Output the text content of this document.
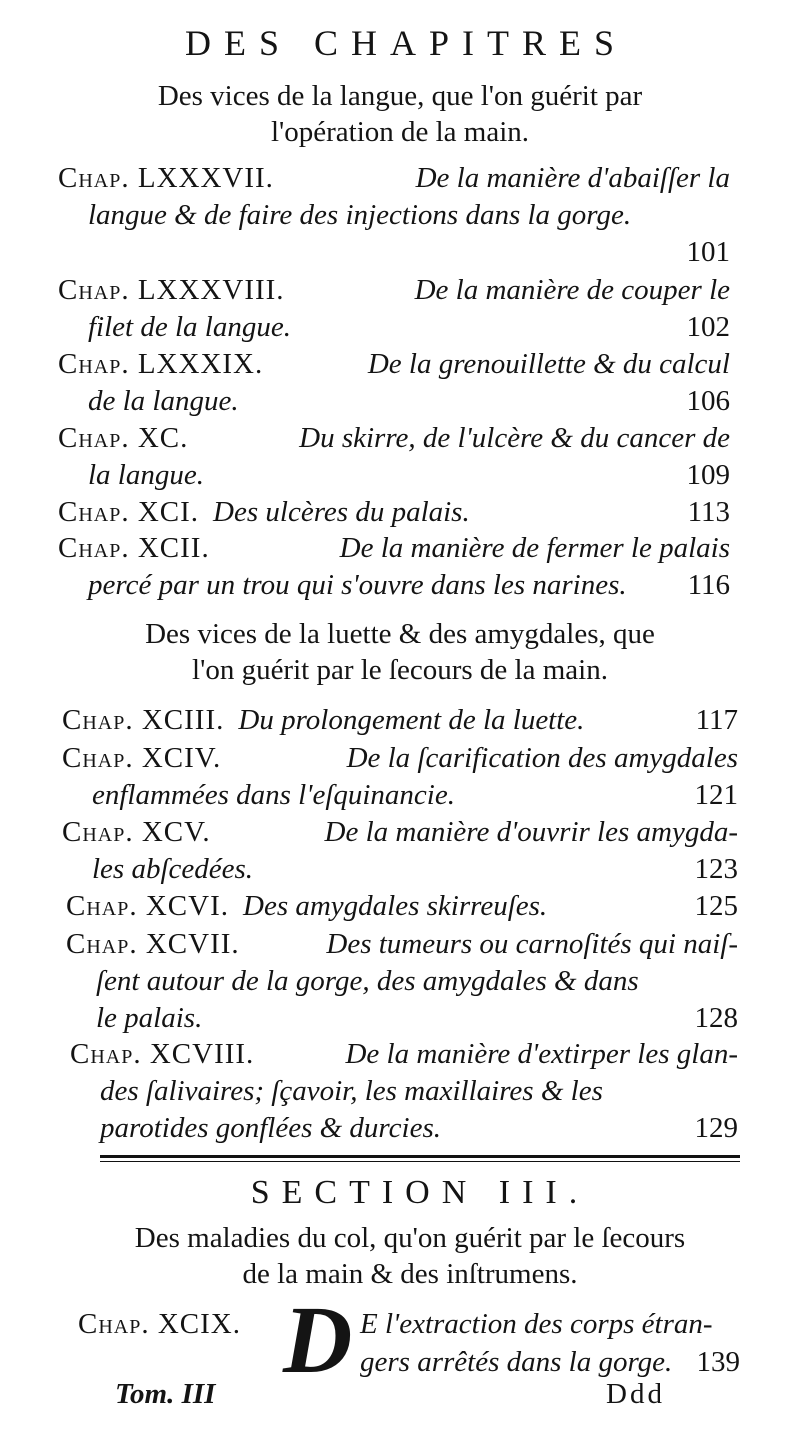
DES CHAPITRES
Des vices de la langue, que l'on guérit par
l'opération de la main.
Chap. LXXXVII.	De la manière d'abaiſſer la
langue & de faire des injections dans la gorge.
101
Chap. LXXXVIII.	De la manière de couper le
filet de la langue.	102
Chap. LXXXIX.	De la grenouillette & du calcul
de la langue.	106
Chap. XC.	Du skirre, de l'ulcère & du cancer de
la langue.	109
Chap. XCI. Des ulcères du palais.	113
Chap. XCII.	De la manière de fermer le palais
percé par un trou qui s'ouvre dans les narines. 116
Des vices de la luette & des amygdales, que
l'on guérit par le ſecours de la main.
Chap. XCIII. Du prolongement de la luette.	117
Chap. XCIV.	De la ſcarification des amygdales
enflammées dans l'eſquinancie.	121
Chap. XCV.	De la manière d'ouvrir les amygda-
les abſcedées.	123
Chap. XCVI. Des amygdales skirreuſes.	125
Chap. XCVII.	Des tumeurs ou carnoſités qui naiſ-
ſent autour de la gorge, des amygdales & dans
le palais.	128
Chap. XCVIII.	De la manière d'extirper les glan-
des ſalivaires; ſçavoir, les maxillaires & les
parotides gonflées & durcies.	129
SECTION III.
Des maladies du col, qu'on guérit par le ſecours
de la main & des inſtrumens.
Chap. XCIX. D E l'extraction des corps étran-
gers arrêtés dans la gorge. 139
Tom. III	Ddd
